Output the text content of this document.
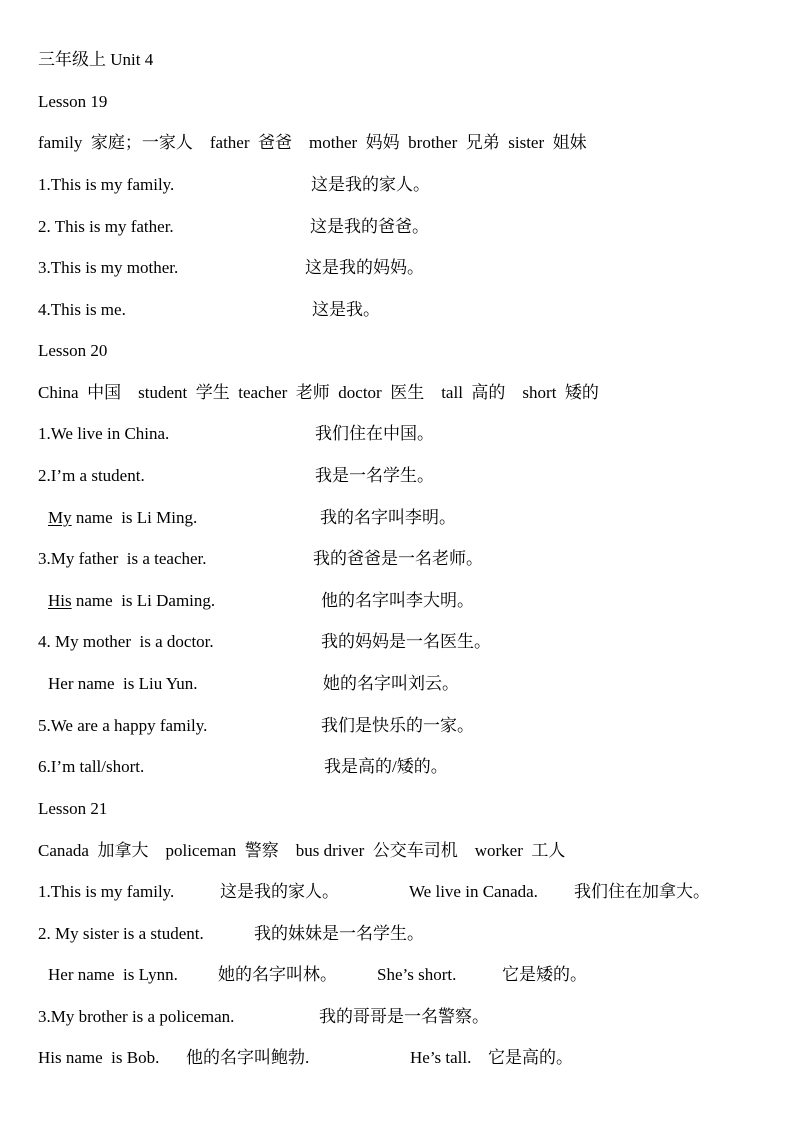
三年级上 Unit 4
Lesson 19
family  家庭；一家人    father  爸爸    mother  妈妈  brother  兄弟  sister  姐妹
1.This is my family.	这是我的家人。
2. This is my father.	这是我的爸爸。
3.This is my mother.	这是我的妈妈。
4.This is me.	这是我。
Lesson 20
China  中国    student  学生  teacher  老师  doctor  医生    tall  高的    short  矮的
1.We live in China.	我们住在中国。
2.I’m a student.	我是一名学生。
My name  is Li Ming.	我的名字叫李明。
3.My father  is a teacher.	我的爸爸是一名老师。
His name  is Li Daming.	他的名字叫李大明。
4. My mother  is a doctor.	我的妈妈是一名医生。
Her name  is Liu Yun.	她的名字叫刘云。
5.We are a happy family.	我们是快乐的一家。
6.I’m tall/short.	我是高的/矮的。
Lesson 21
Canada  加拿大    policeman  警察    bus driver  公交车司机    worker  工人
1.This is my family.	这是我的家人。	We live in Canada. 我们住在加拿大。
2. My sister is a student.	我的妹妹是一名学生。
Her name  is Lynn. 她的名字叫林。 She’s short.	它是矮的。
3.My brother is a policeman.	我的哥哥是一名警察。
His name  is Bob. 他的名字叫鲍勃.	He’s tall. 它是高的。
